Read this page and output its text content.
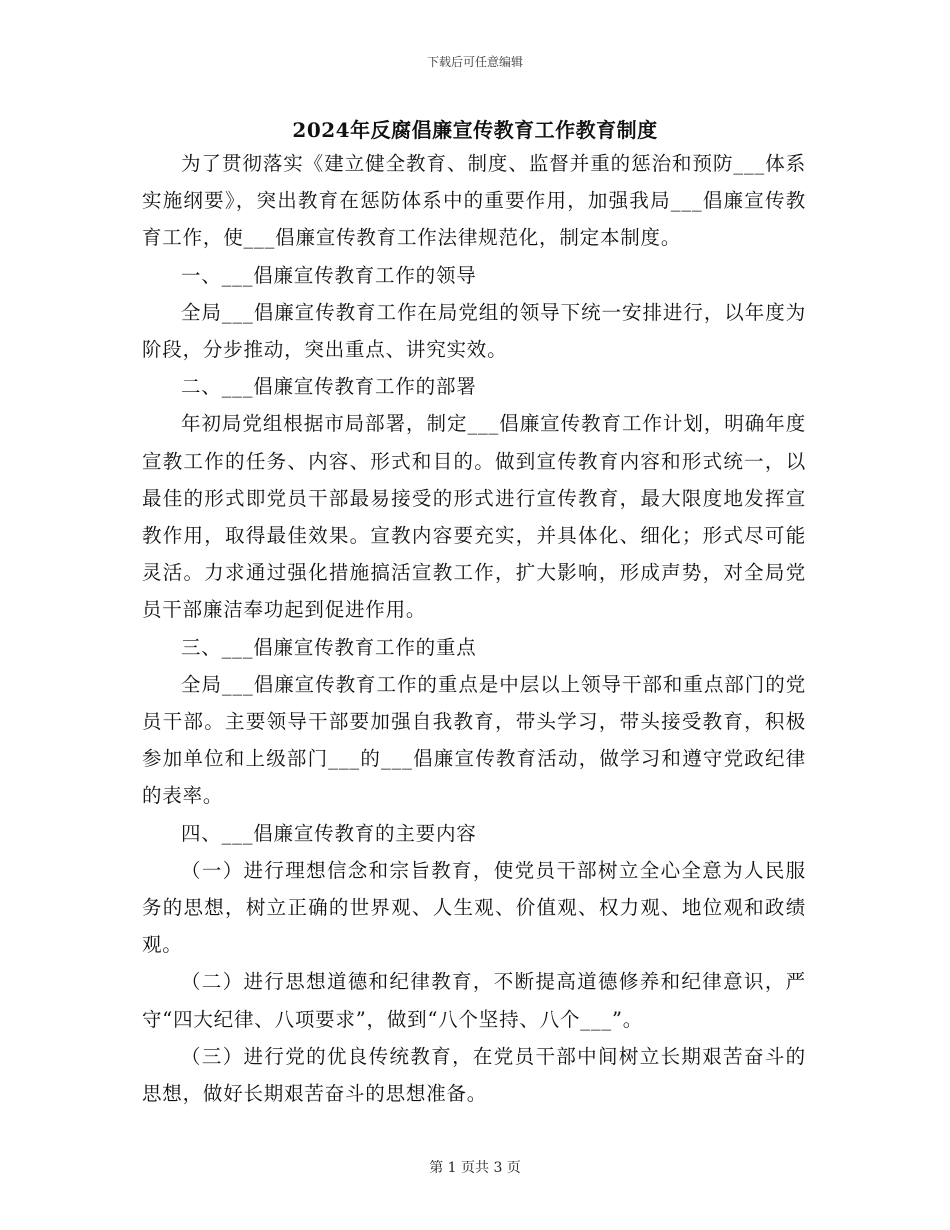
下载后可任意编辑
2024年反腐倡廉宣传教育工作教育制度

为了贯彻落实《建立健全教育、制度、监督并重的惩治和预防___体系实施纲要》，突出教育在惩防体系中的重要作用，加强我局___倡廉宣传教育工作，使___倡廉宣传教育工作法律规范化，制定本制度。

一、___倡廉宣传教育工作的领导

全局___倡廉宣传教育工作在局党组的领导下统一安排进行，以年度为阶段，分步推动，突出重点、讲究实效。

二、___倡廉宣传教育工作的部署

年初局党组根据市局部署，制定___倡廉宣传教育工作计划，明确年度宣教工作的任务、内容、形式和目的。做到宣传教育内容和形式统一，以最佳的形式即党员干部最易接受的形式进行宣传教育，最大限度地发挥宣教作用，取得最佳效果。宣教内容要充实，并具体化、细化；形式尽可能灵活。力求通过强化措施搞活宣教工作，扩大影响，形成声势，对全局党员干部廉洁奉功起到促进作用。

三、___倡廉宣传教育工作的重点

全局___倡廉宣传教育工作的重点是中层以上领导干部和重点部门的党员干部。主要领导干部要加强自我教育，带头学习，带头接受教育，积极参加单位和上级部门___的___倡廉宣传教育活动，做学习和遵守党政纪律的表率。

四、___倡廉宣传教育的主要内容

（一）进行理想信念和宗旨教育，使党员干部树立全心全意为人民服务的思想，树立正确的世界观、人生观、价值观、权力观、地位观和政绩观。

（二）进行思想道德和纪律教育，不断提高道德修养和纪律意识，严守“四大纪律、八项要求”，做到“八个坚持、八个___”。

（三）进行党的优良传统教育，在党员干部中间树立长期艰苦奋斗的思想，做好长期艰苦奋斗的思想准备。

第 1 页共 3 页
